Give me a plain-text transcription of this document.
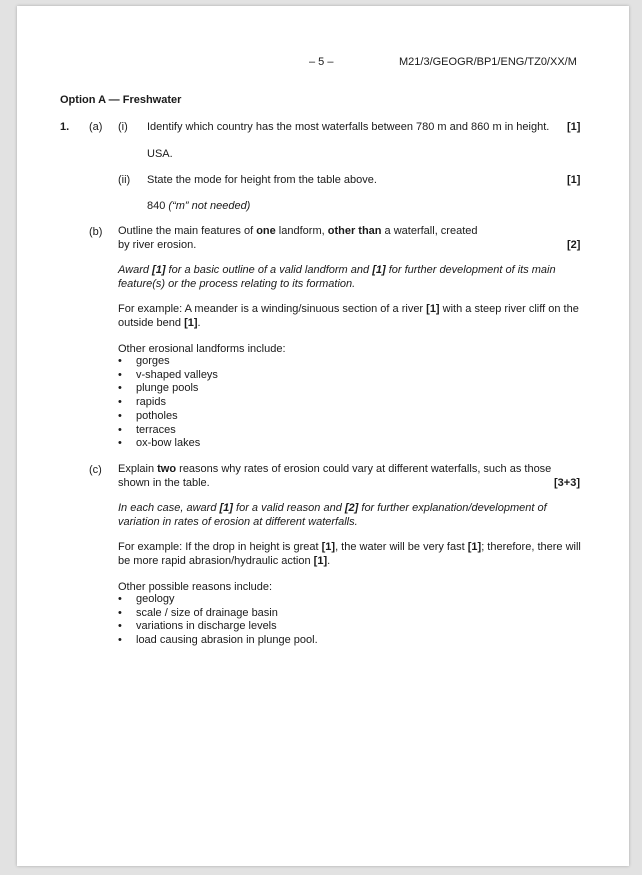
– 5 –	M21/3/GEOGR/BP1/ENG/TZ0/XX/M
Option A — Freshwater
1. (a) (i) Identify which country has the most waterfalls between 780 m and 860 m in height. [1]
USA.
(ii) State the mode for height from the table above.	[1]
840 (“m” not needed)
(b) Outline the main features of one landform, other than a waterfall, created
by river erosion.	[2]
Award [1] for a basic outline of a valid landform and [1] for further development of its main feature(s) or the process relating to its formation.
For example: A meander is a winding/sinuous section of a river [1] with a steep river cliff on the outside bend [1].
Other erosional landforms include:
• gorges
• v-shaped valleys
• plunge pools
• rapids
• potholes
• terraces
• ox-bow lakes
(c) Explain two reasons why rates of erosion could vary at different waterfalls, such as those shown in the table.	[3+3]
In each case, award [1] for a valid reason and [2] for further explanation/development of variation in rates of erosion at different waterfalls.
For example: If the drop in height is great [1], the water will be very fast [1]; therefore, there will be more rapid abrasion/hydraulic action [1].
Other possible reasons include:
• geology
• scale / size of drainage basin
• variations in discharge levels
• load causing abrasion in plunge pool.
